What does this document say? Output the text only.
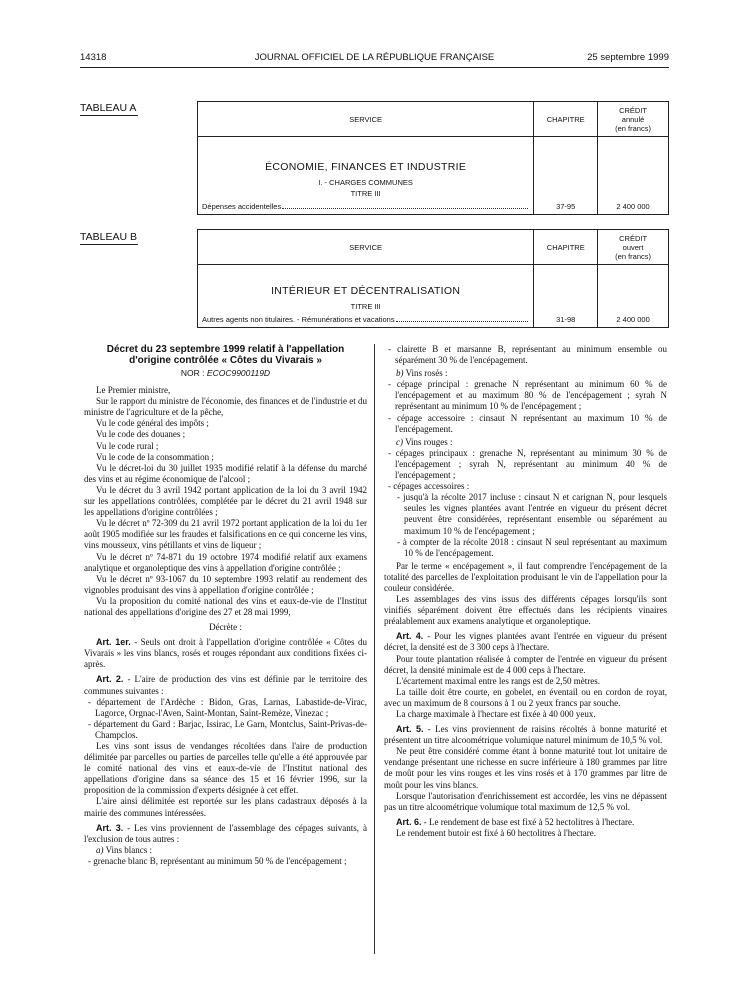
14318	JOURNAL OFFICIEL DE LA RÉPUBLIQUE FRANÇAISE	25 septembre 1999
TABLEAU A
SERVICE	CHAPITRE	CRÉDIT
annulé
(en francs)

ÉCONOMIE, FINANCES ET INDUSTRIE
I. - CHARGES COMMUNES
TITRE III
Dépenses accidentelles	37-95	2 400 000
TABLEAU B
SERVICE	CHAPITRE	CRÉDIT
ouvert
(en francs)

INTÉRIEUR ET DÉCENTRALISATION
TITRE III
Autres agents non titulaires. - Rémunérations et vacations	31-98	2 400 000
Décret du 23 septembre 1999 relatif à l'appellation
d'origine contrôlée « Côtes du Vivarais »
NOR : ECOC9900119D

Le Premier ministre,

Sur le rapport du ministre de l'économie, des finances et de l'industrie et du ministre de l'agriculture et de la pêche,

Vu le code général des impôts ;

Vu le code des douanes ;

Vu le code rural ;

Vu le code de la consommation ;

Vu le décret-loi du 30 juillet 1935 modifié relatif à la défense du marché des vins et au régime économique de l'alcool ;

Vu le décret du 3 avril 1942 portant application de la loi du 3 avril 1942 sur les appellations contrôlées, complétée par le décret du 21 avril 1948 sur les appellations d'origine contrôlées ;

Vu le décret nº 72-309 du 21 avril 1972 portant application de la loi du 1er août 1905 modifiée sur les fraudes et falsifications en ce qui concerne les vins, vins mousseux, vins pétillants et vins de liqueur ;

Vu le décret nº 74-871 du 19 octobre 1974 modifié relatif aux examens analytique et organoleptique des vins à appellation d'origine contrôlée ;

Vu le décret nº 93-1067 du 10 septembre 1993 relatif au rendement des vignobles produisant des vins à appellation d'origine contrôlée ;

Vu la proposition du comité national des vins et eaux-de-vie de l'Institut national des appellations d'origine des 27 et 28 mai 1999,

Décrète :

Art. 1er. - Seuls ont droit à l'appellation d'origine contrôlée « Côtes du Vivarais » les vins blancs, rosés et rouges répondant aux conditions fixées ci-après.

Art. 2. - L'aire de production des vins est définie par le territoire des communes suivantes :

- département de l'Ardèche : Bidon, Gras, Larnas, Labastide-de-Virac, Lagorce, Orgnac-l'Aven, Saint-Montan, Saint-Remèze, Vinezac ;

- département du Gard : Barjac, Issirac, Le Garn, Montclus, Saint-Privas-de-Champclos.

Les vins sont issus de vendanges récoltées dans l'aire de production délimitée par parcelles ou parties de parcelles telle qu'elle a été approuvée par le comité national des vins et eaux-de-vie de l'Institut national des appellations d'origine dans sa séance des 15 et 16 février 1996, sur la proposition de la commission d'experts désignée à cet effet.

L'aire ainsi délimitée est reportée sur les plans cadastraux déposés à la mairie des communes intéressées.

Art. 3. - Les vins proviennent de l'assemblage des cépages suivants, à l'exclusion de tous autres :

a) Vins blancs :

- grenache blanc B, représentant au minimum 50 % de l'encépagement ;

- clairette B et marsanne B, représentant au minimum ensemble ou séparément 30 % de l'encépagement.

b) Vins rosés :

- cépage principal : grenache N représentant au minimum 60 % de l'encépagement et au maximum 80 % de l'encépagement ; syrah N représentant au minimum 10 % de l'encépagement ;

- cépage accessoire : cinsaut N représentant au maximum 10 % de l'encépagement.

c) Vins rouges :

- cépages principaux : grenache N, représentant au minimum 30 % de l'encépagement ; syrah N, représentant au minimum 40 % de l'encépagement ;

- cépages accessoires :

- jusqu'à la récolte 2017 incluse : cinsaut N et carignan N, pour lesquels seules les vignes plantées avant l'entrée en vigueur du présent décret peuvent être considérées, représentant ensemble ou séparément au maximum 10 % de l'encépagement ;

- à compter de la récolte 2018 : cinsaut N seul représentant au maximum 10 % de l'encépagement.

Par le terme « encépagement », il faut comprendre l'encépagement de la totalité des parcelles de l'exploitation produisant le vin de l'appellation pour la couleur considérée.

Les assemblages des vins issus des différents cépages lorsqu'ils sont vinifiés séparément doivent être effectués dans les récipients vinaires préalablement aux examens analytique et organoleptique.

Art. 4. - Pour les vignes plantées avant l'entrée en vigueur du présent décret, la densité est de 3 300 ceps à l'hectare.

Pour toute plantation réalisée à compter de l'entrée en vigueur du présent décret, la densité minimale est de 4 000 ceps à l'hectare.

L'écartement maximal entre les rangs est de 2,50 mètres.

La taille doit être courte, en gobelet, en éventail ou en cordon de royat, avec un maximum de 8 coursons à 1 ou 2 yeux francs par souche.

La charge maximale à l'hectare est fixée à 40 000 yeux.

Art. 5. - Les vins proviennent de raisins récoltés à bonne maturité et présentent un titre alcoométrique volumique naturel minimum de 10,5 % vol.

Ne peut être considéré comme étant à bonne maturité tout lot unitaire de vendange présentant une richesse en sucre inférieure à 180 grammes par litre de moût pour les vins rouges et les vins rosés et à 170 grammes par litre de moût pour les vins blancs.

Lorsque l'autorisation d'enrichissement est accordée, les vins ne dépassent pas un titre alcoométrique volumique total maximum de 12,5 % vol.

Art. 6. - Le rendement de base est fixé à 52 hectolitres à l'hectare.

Le rendement butoir est fixé à 60 hectolitres à l'hectare.
